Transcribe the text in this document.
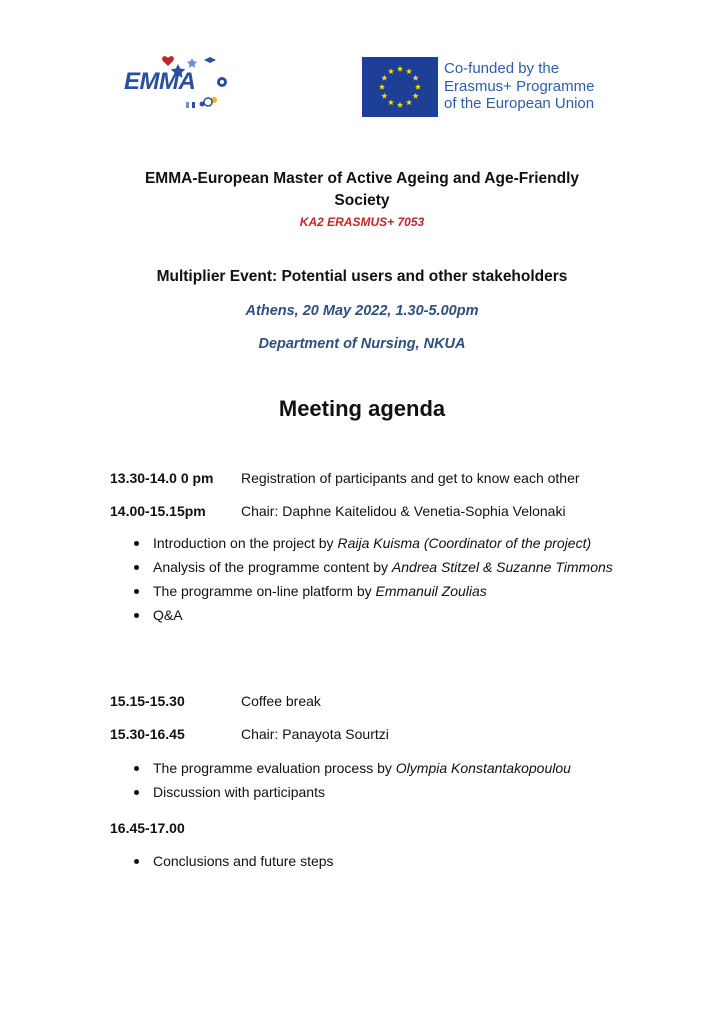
EMMA	Co-funded by the
Erasmus+ Programme
of the European Union
EMMA-European Master of Active Ageing and Age-Friendly
Society
KA2 ERASMUS+ 7053
Multiplier Event: Potential users and other stakeholders
Athens, 20 May 2022, 1.30-5.00pm
Department of Nursing, NKUA
Meeting agenda
13.30-14.0 0 pm Registration of participants and get to know each other
14.00-15.15pm	Chair: Daphne Kaitelidou & Venetia-Sophia Velonaki
Introduction on the project by Raija Kuisma (Coordinator of the project)
Analysis of the programme content by Andrea Stitzel & Suzanne Timmons
The programme on-line platform by Emmanuil Zoulias
Q&A
15.15-15.30	Coffee break
15.30-16.45	Chair: Panayota Sourtzi
The programme evaluation process by Olympia Konstantakopoulou
Discussion with participants
16.45-17.00
Conclusions and future steps
